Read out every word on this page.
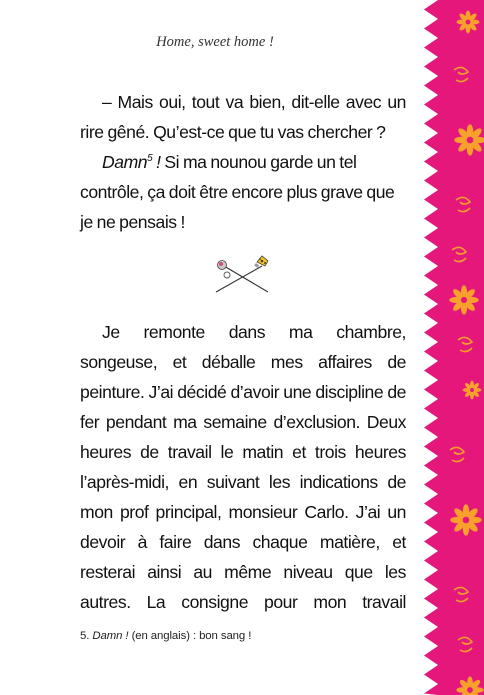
Home, sweet home !

– Mais oui, tout va bien, dit-elle avec un rire gêné. Qu’est-ce que tu vas chercher ?

Damn$^5$ ! Si ma nounou garde un tel contrôle, ça doit être encore plus grave que je ne pensais !

Je remonte dans ma chambre, songeuse, et déballe mes affaires de peinture. J’ai décidé d’avoir une discipline de fer pendant ma semaine d’exclusion. Deux heures de travail le matin et trois heures l’après-midi, en suivant les indications de mon prof principal, monsieur Carlo. J’ai un devoir à faire dans chaque matière, et resterai ainsi au même niveau que les autres. La consigne pour mon travail

5. Damn ! (en anglais) : bon sang !
